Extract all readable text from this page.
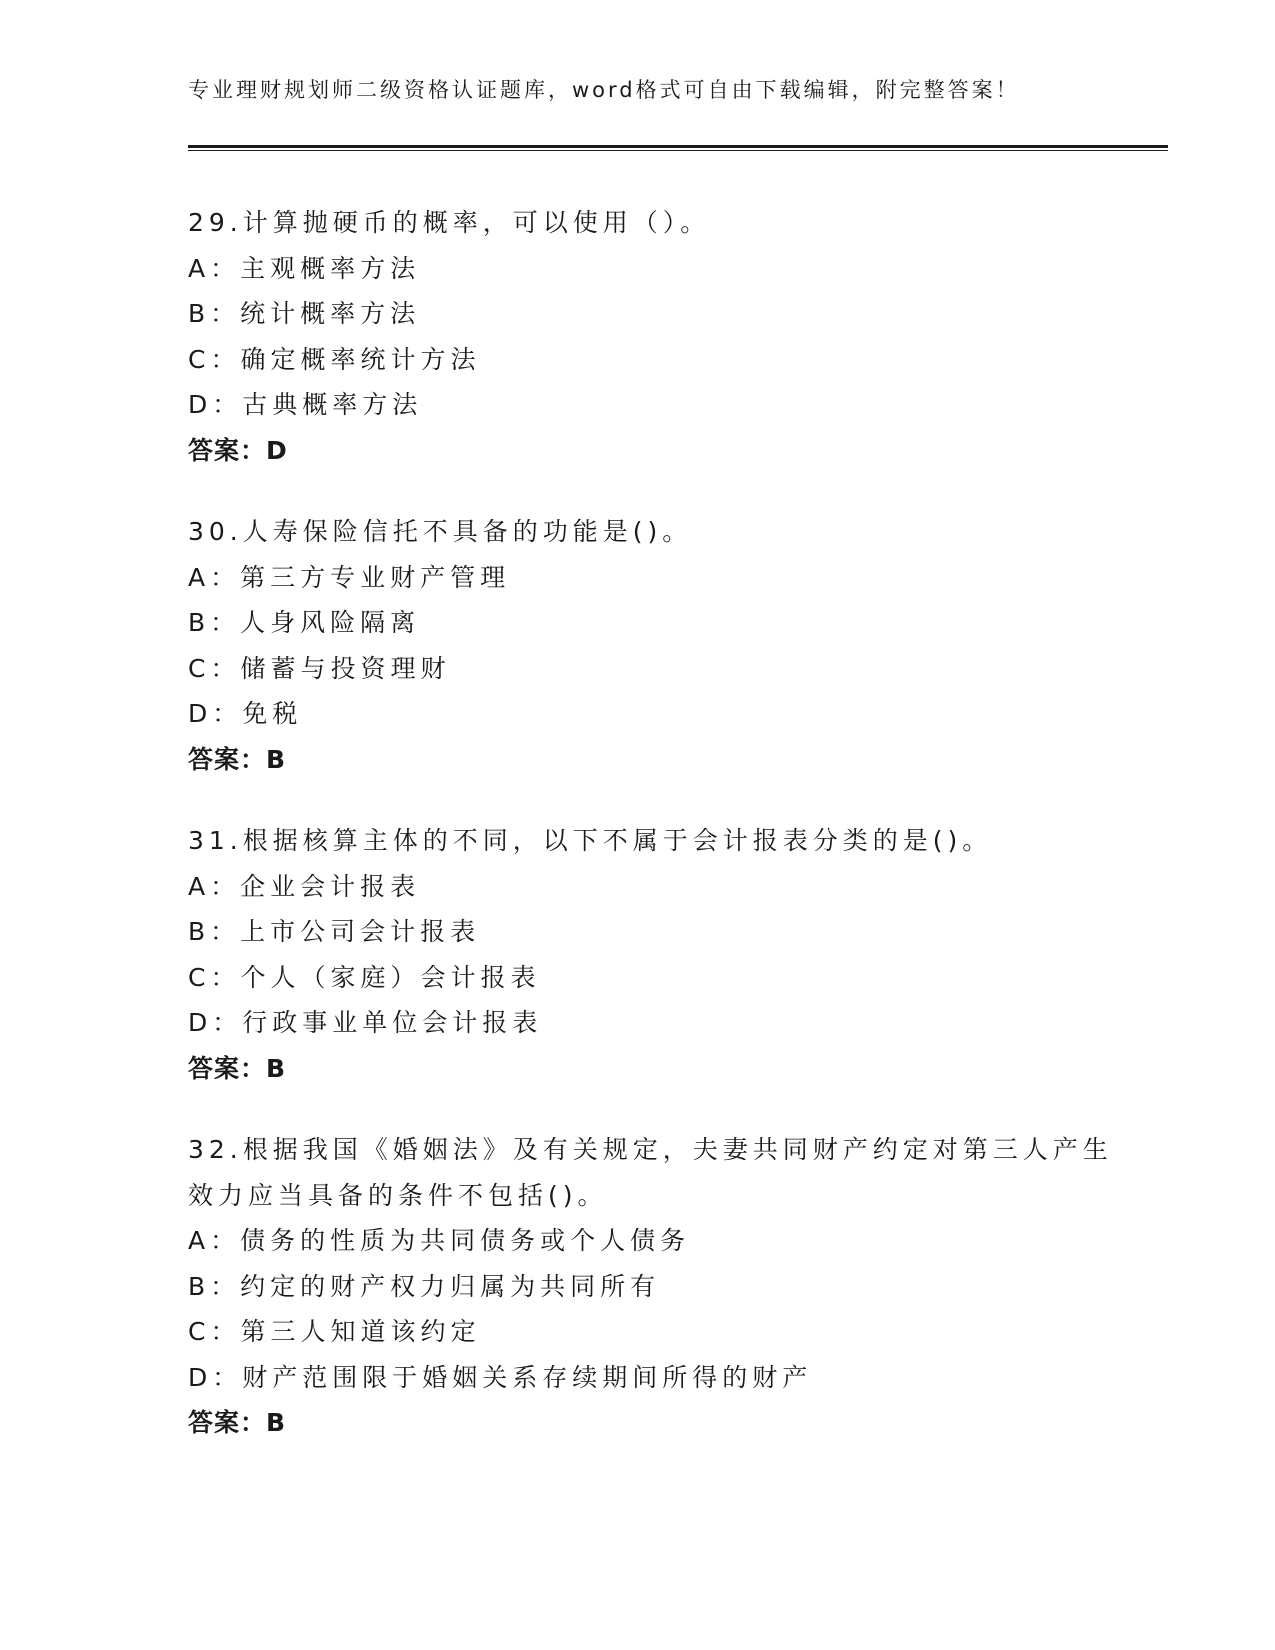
专业理财规划师二级资格认证题库，word格式可自由下载编辑，附完整答案！
29.计算抛硬币的概率，可以使用（）。
A：主观概率方法
B：统计概率方法
C：确定概率统计方法
D：古典概率方法
答案：D
30.人寿保险信托不具备的功能是()。
A：第三方专业财产管理
B：人身风险隔离
C：储蓄与投资理财
D：免税
答案：B
31.根据核算主体的不同，以下不属于会计报表分类的是()。
A：企业会计报表
B：上市公司会计报表
C：个人（家庭）会计报表
D：行政事业单位会计报表
答案：B
32.根据我国《婚姻法》及有关规定，夫妻共同财产约定对第三人产生
效力应当具备的条件不包括()。
A：债务的性质为共同债务或个人债务
B：约定的财产权力归属为共同所有
C：第三人知道该约定
D：财产范围限于婚姻关系存续期间所得的财产
答案：B
